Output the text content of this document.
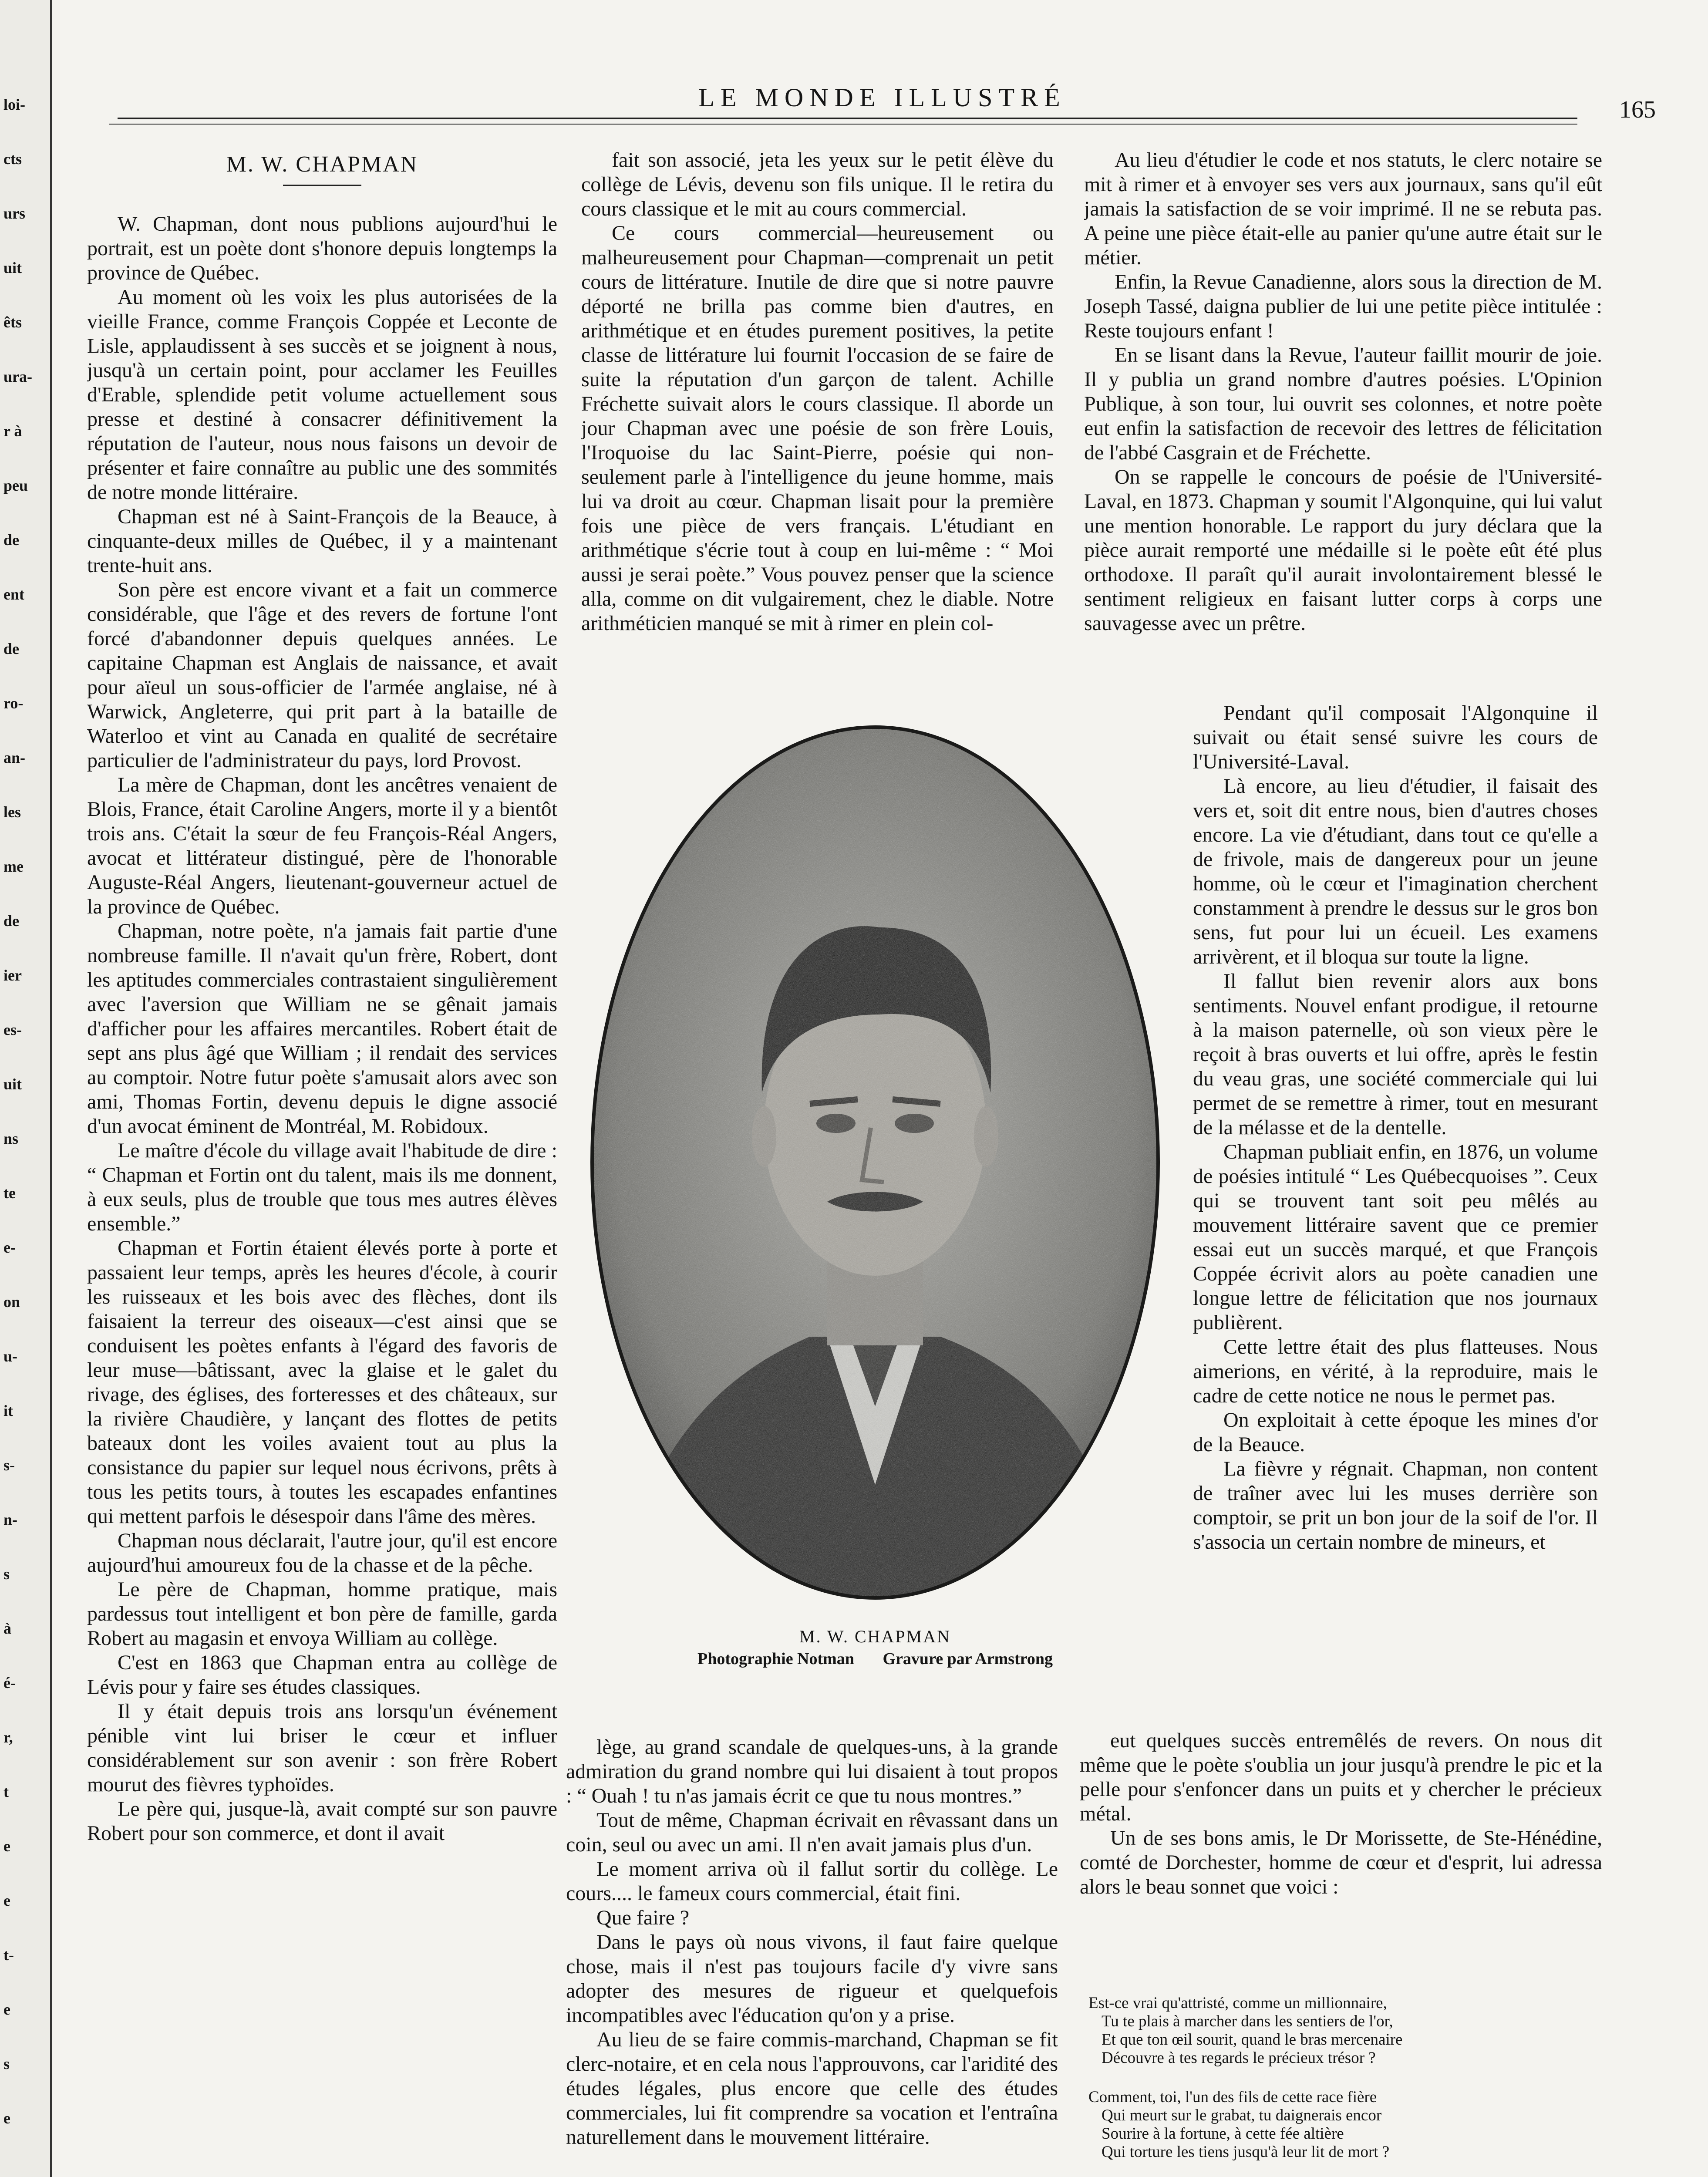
loi-
cts
urs
uit
êts
ura-
r à
peu
de
ent
de
ro-
an-
les
me
de
ier
es-
uit
ns
te
e-
on
u-
it
s-
n-
s
à
é-
r,
t
e
e
t-
e
s
e
LE MONDE ILLUSTRÉ	165
M. W. CHAPMAN

W. Chapman, dont nous publions aujourd'hui le portrait, est un poète dont s'honore depuis longtemps la province de Québec.

Au moment où les voix les plus autorisées de la vieille France, comme François Coppée et Leconte de Lisle, applaudissent à ses succès et se joignent à nous, jusqu'à un certain point, pour acclamer les Feuilles d'Erable, splendide petit volume actuellement sous presse et destiné à consacrer définitivement la réputation de l'auteur, nous nous faisons un devoir de présenter et faire connaître au public une des sommités de notre monde littéraire.

Chapman est né à Saint-François de la Beauce, à cinquante-deux milles de Québec, il y a maintenant trente-huit ans.

Son père est encore vivant et a fait un commerce considérable, que l'âge et des revers de fortune l'ont forcé d'abandonner depuis quelques années. Le capitaine Chapman est Anglais de naissance, et avait pour aïeul un sous-officier de l'armée anglaise, né à Warwick, Angleterre, qui prit part à la bataille de Waterloo et vint au Canada en qualité de secrétaire particulier de l'administrateur du pays, lord Provost.

La mère de Chapman, dont les ancêtres venaient de Blois, France, était Caroline Angers, morte il y a bientôt trois ans. C'était la sœur de feu François-Réal Angers, avocat et littérateur distingué, père de l'honorable Auguste-Réal Angers, lieutenant-gouverneur actuel de la province de Québec.

Chapman, notre poète, n'a jamais fait partie d'une nombreuse famille. Il n'avait qu'un frère, Robert, dont les aptitudes commerciales contrastaient singulièrement avec l'aversion que William ne se gênait jamais d'afficher pour les affaires mercantiles. Robert était de sept ans plus âgé que William ; il rendait des services au comptoir. Notre futur poète s'amusait alors avec son ami, Thomas Fortin, devenu depuis le digne associé d'un avocat éminent de Montréal, M. Robidoux.

Le maître d'école du village avait l'habitude de dire : “ Chapman et Fortin ont du talent, mais ils me donnent, à eux seuls, plus de trouble que tous mes autres élèves ensemble.”

Chapman et Fortin étaient élevés porte à porte et passaient leur temps, après les heures d'école, à courir les ruisseaux et les bois avec des flèches, dont ils faisaient la terreur des oiseaux—c'est ainsi que se conduisent les poètes enfants à l'égard des favoris de leur muse—bâtissant, avec la glaise et le galet du rivage, des églises, des forteresses et des châteaux, sur la rivière Chaudière, y lançant des flottes de petits bateaux dont les voiles avaient tout au plus la consistance du papier sur lequel nous écrivons, prêts à tous les petits tours, à toutes les escapades enfantines qui mettent parfois le désespoir dans l'âme des mères.

Chapman nous déclarait, l'autre jour, qu'il est encore aujourd'hui amoureux fou de la chasse et de la pêche.

Le père de Chapman, homme pratique, mais pardessus tout intelligent et bon père de famille, garda Robert au magasin et envoya William au collège.

C'est en 1863 que Chapman entra au collège de Lévis pour y faire ses études classiques.

Il y était depuis trois ans lorsqu'un événement pénible vint lui briser le cœur et influer considérablement sur son avenir : son frère Robert mourut des fièvres typhoïdes.

Le père qui, jusque-là, avait compté sur son pauvre Robert pour son commerce, et dont il avait

fait son associé, jeta les yeux sur le petit élève du collège de Lévis, devenu son fils unique. Il le retira du cours classique et le mit au cours commercial.

Ce cours commercial—heureusement ou malheureusement pour Chapman—comprenait un petit cours de littérature. Inutile de dire que si notre pauvre déporté ne brilla pas comme bien d'autres, en arithmétique et en études purement positives, la petite classe de littérature lui fournit l'occasion de se faire de suite la réputation d'un garçon de talent. Achille Fréchette suivait alors le cours classique. Il aborde un jour Chapman avec une poésie de son frère Louis, l'Iroquoise du lac Saint-Pierre, poésie qui non-seulement parle à l'intelligence du jeune homme, mais lui va droit au cœur. Chapman lisait pour la première fois une pièce de vers français. L'étudiant en arithmétique s'écrie tout à coup en lui-même : “ Moi aussi je serai poète.” Vous pouvez penser que la science alla, comme on dit vulgairement, chez le diable. Notre arithméticien manqué se mit à rimer en plein col-

Au lieu d'étudier le code et nos statuts, le clerc notaire se mit à rimer et à envoyer ses vers aux journaux, sans qu'il eût jamais la satisfaction de se voir imprimé. Il ne se rebuta pas. A peine une pièce était-elle au panier qu'une autre était sur le métier.

Enfin, la Revue Canadienne, alors sous la direction de M. Joseph Tassé, daigna publier de lui une petite pièce intitulée : Reste toujours enfant !

En se lisant dans la Revue, l'auteur faillit mourir de joie. Il y publia un grand nombre d'autres poésies. L'Opinion Publique, à son tour, lui ouvrit ses colonnes, et notre poète eut enfin la satisfaction de recevoir des lettres de félicitation de l'abbé Casgrain et de Fréchette.

On se rappelle le concours de poésie de l'Université-Laval, en 1873. Chapman y soumit l'Algonquine, qui lui valut une mention honorable. Le rapport du jury déclara que la pièce aurait remporté une médaille si le poète eût été plus orthodoxe. Il paraît qu'il aurait involontairement blessé le sentiment religieux en faisant lutter corps à corps une sauvagesse avec un prêtre.

M. W. CHAPMAN
Photographie Notman Gravure par Armstrong

lège, au grand scandale de quelques-uns, à la grande admiration du grand nombre qui lui disaient à tout propos : “ Ouah ! tu n'as jamais écrit ce que tu nous montres.”

Tout de même, Chapman écrivait en rêvassant dans un coin, seul ou avec un ami. Il n'en avait jamais plus d'un.

Le moment arriva où il fallut sortir du collège. Le cours.... le fameux cours commercial, était fini.

Que faire ?

Dans le pays où nous vivons, il faut faire quelque chose, mais il n'est pas toujours facile d'y vivre sans adopter des mesures de rigueur et quelquefois incompatibles avec l'éducation qu'on y a prise.

Au lieu de se faire commis-marchand, Chapman se fit clerc-notaire, et en cela nous l'approuvons, car l'aridité des études légales, plus encore que celle des études commerciales, lui fit comprendre sa vocation et l'entraîna naturellement dans le mouvement littéraire.

Pendant qu'il composait l'Algonquine il suivait ou était sensé suivre les cours de l'Université-Laval.

Là encore, au lieu d'étudier, il faisait des vers et, soit dit entre nous, bien d'autres choses encore. La vie d'étudiant, dans tout ce qu'elle a de frivole, mais de dangereux pour un jeune homme, où le cœur et l'imagination cherchent constamment à prendre le dessus sur le gros bon sens, fut pour lui un écueil. Les examens arrivèrent, et il bloqua sur toute la ligne.

Il fallut bien revenir alors aux bons sentiments. Nouvel enfant prodigue, il retourne à la maison paternelle, où son vieux père le reçoit à bras ouverts et lui offre, après le festin du veau gras, une société commerciale qui lui permet de se remettre à rimer, tout en mesurant de la mélasse et de la dentelle.

Chapman publiait enfin, en 1876, un volume de poésies intitulé “ Les Québecquoises ”. Ceux qui se trouvent tant soit peu mêlés au mouvement littéraire savent que ce premier essai eut un succès marqué, et que François Coppée écrivit alors au poète canadien une longue lettre de félicitation que nos journaux publièrent.

Cette lettre était des plus flatteuses. Nous aimerions, en vérité, à la reproduire, mais le cadre de cette notice ne nous le permet pas.

On exploitait à cette époque les mines d'or de la Beauce.

La fièvre y régnait. Chapman, non content de traîner avec lui les muses derrière son comptoir, se prit un bon jour de la soif de l'or. Il s'associa un certain nombre de mineurs, et

eut quelques succès entremêlés de revers. On nous dit même que le poète s'oublia un jour jusqu'à prendre le pic et la pelle pour s'enfoncer dans un puits et y chercher le précieux métal.

Un de ses bons amis, le Dr Morissette, de Ste-Hénédine, comté de Dorchester, homme de cœur et d'esprit, lui adressa alors le beau sonnet que voici :

Est-ce vrai qu'attristé, comme un millionnaire,
Tu te plais à marcher dans les sentiers de l'or,
Et que ton œil sourit, quand le bras mercenaire
Découvre à tes regards le précieux trésor ?
Comment, toi, l'un des fils de cette race fière
Qui meurt sur le grabat, tu daignerais encor
Sourire à la fortune, à cette fée altière
Qui torture les tiens jusqu'à leur lit de mort ?
